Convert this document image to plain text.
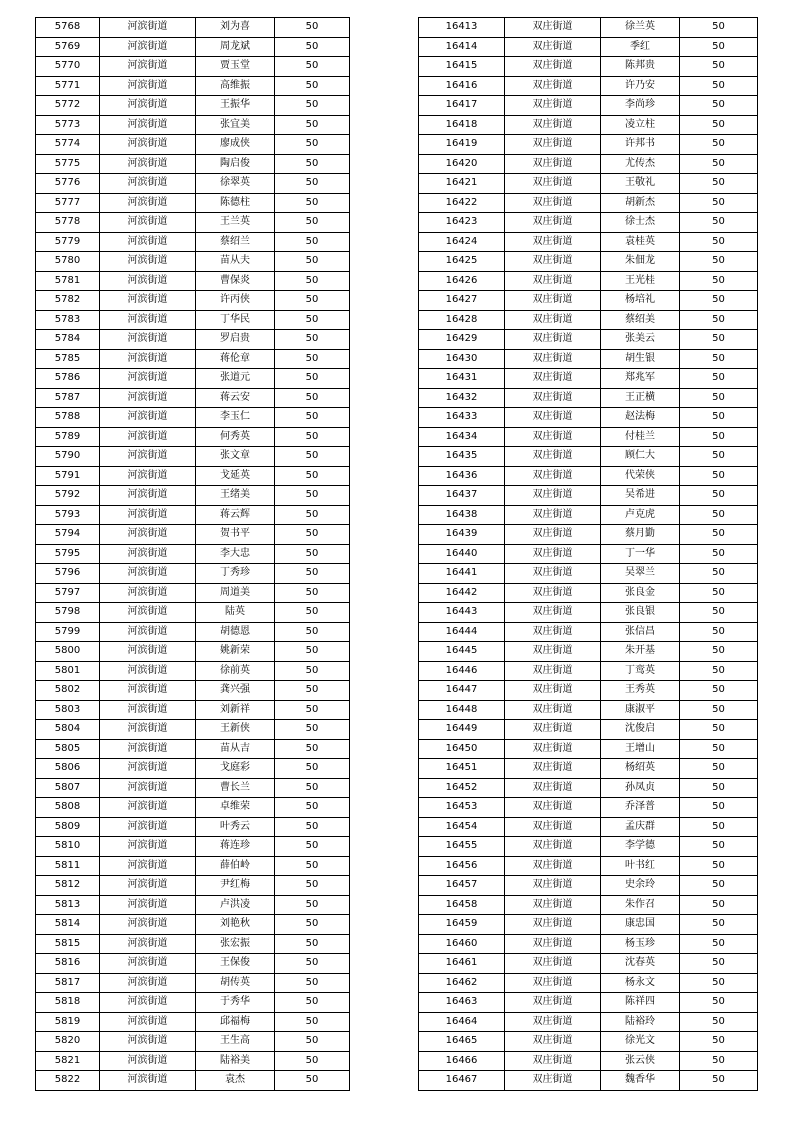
5768	河滨街道	刘为喜	50
5769	河滨街道	周龙斌	50
5770	河滨街道	贾玉堂	50
5771	河滨街道	高维振	50
5772	河滨街道	王振华	50
5773	河滨街道	张宜美	50
5774	河滨街道	廖成侠	50
5775	河滨街道	陶启俊	50
5776	河滨街道	徐翠英	50
5777	河滨街道	陈德柱	50
5778	河滨街道	王兰英	50
5779	河滨街道	蔡绍兰	50
5780	河滨街道	苗从夫	50
5781	河滨街道	曹保炎	50
5782	河滨街道	许丙侠	50
5783	河滨街道	丁华民	50
5784	河滨街道	罗启贵	50
5785	河滨街道	蒋伦章	50
5786	河滨街道	张道元	50
5787	河滨街道	蒋云安	50
5788	河滨街道	李玉仁	50
5789	河滨街道	何秀英	50
5790	河滨街道	张文章	50
5791	河滨街道	戈延英	50
5792	河滨街道	王绪美	50
5793	河滨街道	蒋云辉	50
5794	河滨街道	贺书平	50
5795	河滨街道	李大忠	50
5796	河滨街道	丁秀珍	50
5797	河滨街道	周道美	50
5798	河滨街道	陆英	50
5799	河滨街道	胡德恩	50
5800	河滨街道	姚新荣	50
5801	河滨街道	徐前英	50
5802	河滨街道	龚兴强	50
5803	河滨街道	刘新祥	50
5804	河滨街道	王新侠	50
5805	河滨街道	苗从吉	50
5806	河滨街道	戈庭彩	50
5807	河滨街道	曹长兰	50
5808	河滨街道	卓维荣	50
5809	河滨街道	叶秀云	50
5810	河滨街道	蒋连珍	50
5811	河滨街道	薛伯岭	50
5812	河滨街道	尹红梅	50
5813	河滨街道	卢洪凌	50
5814	河滨街道	刘艳秋	50
5815	河滨街道	张宏振	50
5816	河滨街道	王保俊	50
5817	河滨街道	胡传英	50
5818	河滨街道	于秀华	50
5819	河滨街道	邱福梅	50
5820	河滨街道	王生高	50
5821	河滨街道	陆裕美	50
5822	河滨街道	袁杰	50
16413	双庄街道	徐兰英	50
16414	双庄街道	季红	50
16415	双庄街道	陈邦贵	50
16416	双庄街道	许乃安	50
16417	双庄街道	李尚珍	50
16418	双庄街道	凌立柱	50
16419	双庄街道	许邦书	50
16420	双庄街道	尤传杰	50
16421	双庄街道	王敬礼	50
16422	双庄街道	胡新杰	50
16423	双庄街道	徐士杰	50
16424	双庄街道	袁桂英	50
16425	双庄街道	朱佃龙	50
16426	双庄街道	王光桂	50
16427	双庄街道	杨培礼	50
16428	双庄街道	蔡绍美	50
16429	双庄街道	张美云	50
16430	双庄街道	胡生银	50
16431	双庄街道	郑兆军	50
16432	双庄街道	王正横	50
16433	双庄街道	赵法梅	50
16434	双庄街道	付桂兰	50
16435	双庄街道	顾仁大	50
16436	双庄街道	代荣侠	50
16437	双庄街道	吴希进	50
16438	双庄街道	卢克虎	50
16439	双庄街道	蔡月勤	50
16440	双庄街道	丁一华	50
16441	双庄街道	吴翠兰	50
16442	双庄街道	张良金	50
16443	双庄街道	张良银	50
16444	双庄街道	张信昌	50
16445	双庄街道	朱开基	50
16446	双庄街道	丁鸾英	50
16447	双庄街道	王秀英	50
16448	双庄街道	康淑平	50
16449	双庄街道	沈俊启	50
16450	双庄街道	王增山	50
16451	双庄街道	杨绍英	50
16452	双庄街道	孙凤贞	50
16453	双庄街道	乔泽普	50
16454	双庄街道	孟庆群	50
16455	双庄街道	李学德	50
16456	双庄街道	叶书红	50
16457	双庄街道	史余玲	50
16458	双庄街道	朱作召	50
16459	双庄街道	康忠国	50
16460	双庄街道	杨玉珍	50
16461	双庄街道	沈春英	50
16462	双庄街道	杨永文	50
16463	双庄街道	陈祥四	50
16464	双庄街道	陆裕玲	50
16465	双庄街道	徐光文	50
16466	双庄街道	张云侠	50
16467	双庄街道	魏香华	50
